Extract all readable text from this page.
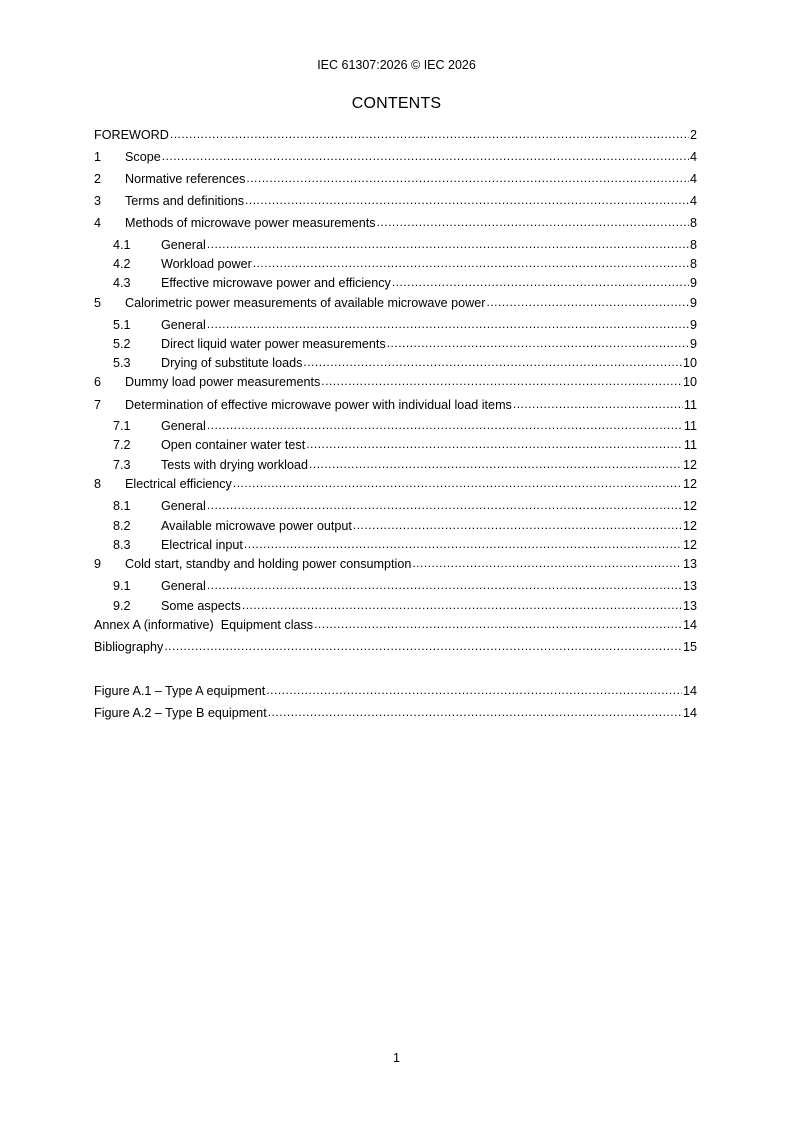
IEC 61307:2026 © IEC 2026
CONTENTS
FOREWORD .....	2
1	Scope .....	4
2	Normative references .....	4
3	Terms and definitions .....	4
4	Methods of microwave power measurements .....	8
4.1	General .....	8
4.2	Workload power .....	8
4.3	Effective microwave power and efficiency .....	9
5	Calorimetric power measurements of available microwave power .....	9
5.1	General .....	9
5.2	Direct liquid water power measurements .....	9
5.3	Drying of substitute loads .....	10
6	Dummy load power measurements .....	10
7	Determination of effective microwave power with individual load items .....	11
7.1	General .....	11
7.2	Open container water test .....	11
7.3	Tests with drying workload .....	12
8	Electrical efficiency .....	12
8.1	General .....	12
8.2	Available microwave power output .....	12
8.3	Electrical input .....	12
9	Cold start, standby and holding power consumption .....	13
9.1	General .....	13
9.2	Some aspects .....	13
Annex A (informative)  Equipment class .....	14
Bibliography .....	15
Figure A.1 – Type A equipment .....	14
Figure A.2 – Type B equipment .....	14
1
